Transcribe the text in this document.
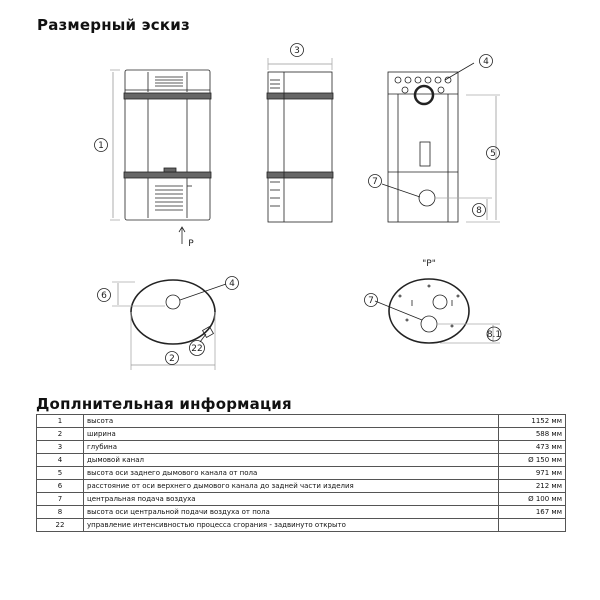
Размерный эскиз
1
3
4
5
7
8
6
4
2
22
7
8.1
P
"P"
Доплнительная информация
1	высота	1152 мм
2	ширина	588 мм
3	глубина	473 мм
4	дымовой канал	Ø 150 мм
5	высота оси заднего дымового канала от пола	971 мм
6	расстояние от оси верхнего дымового канала до задней части изделия	212 мм
7	центральная подача воздуха	Ø 100 мм
8	высота оси центральной подачи воздуха от пола	167 мм
22	управление интенсивностью процесса сгорания - задвинуто открыто	
